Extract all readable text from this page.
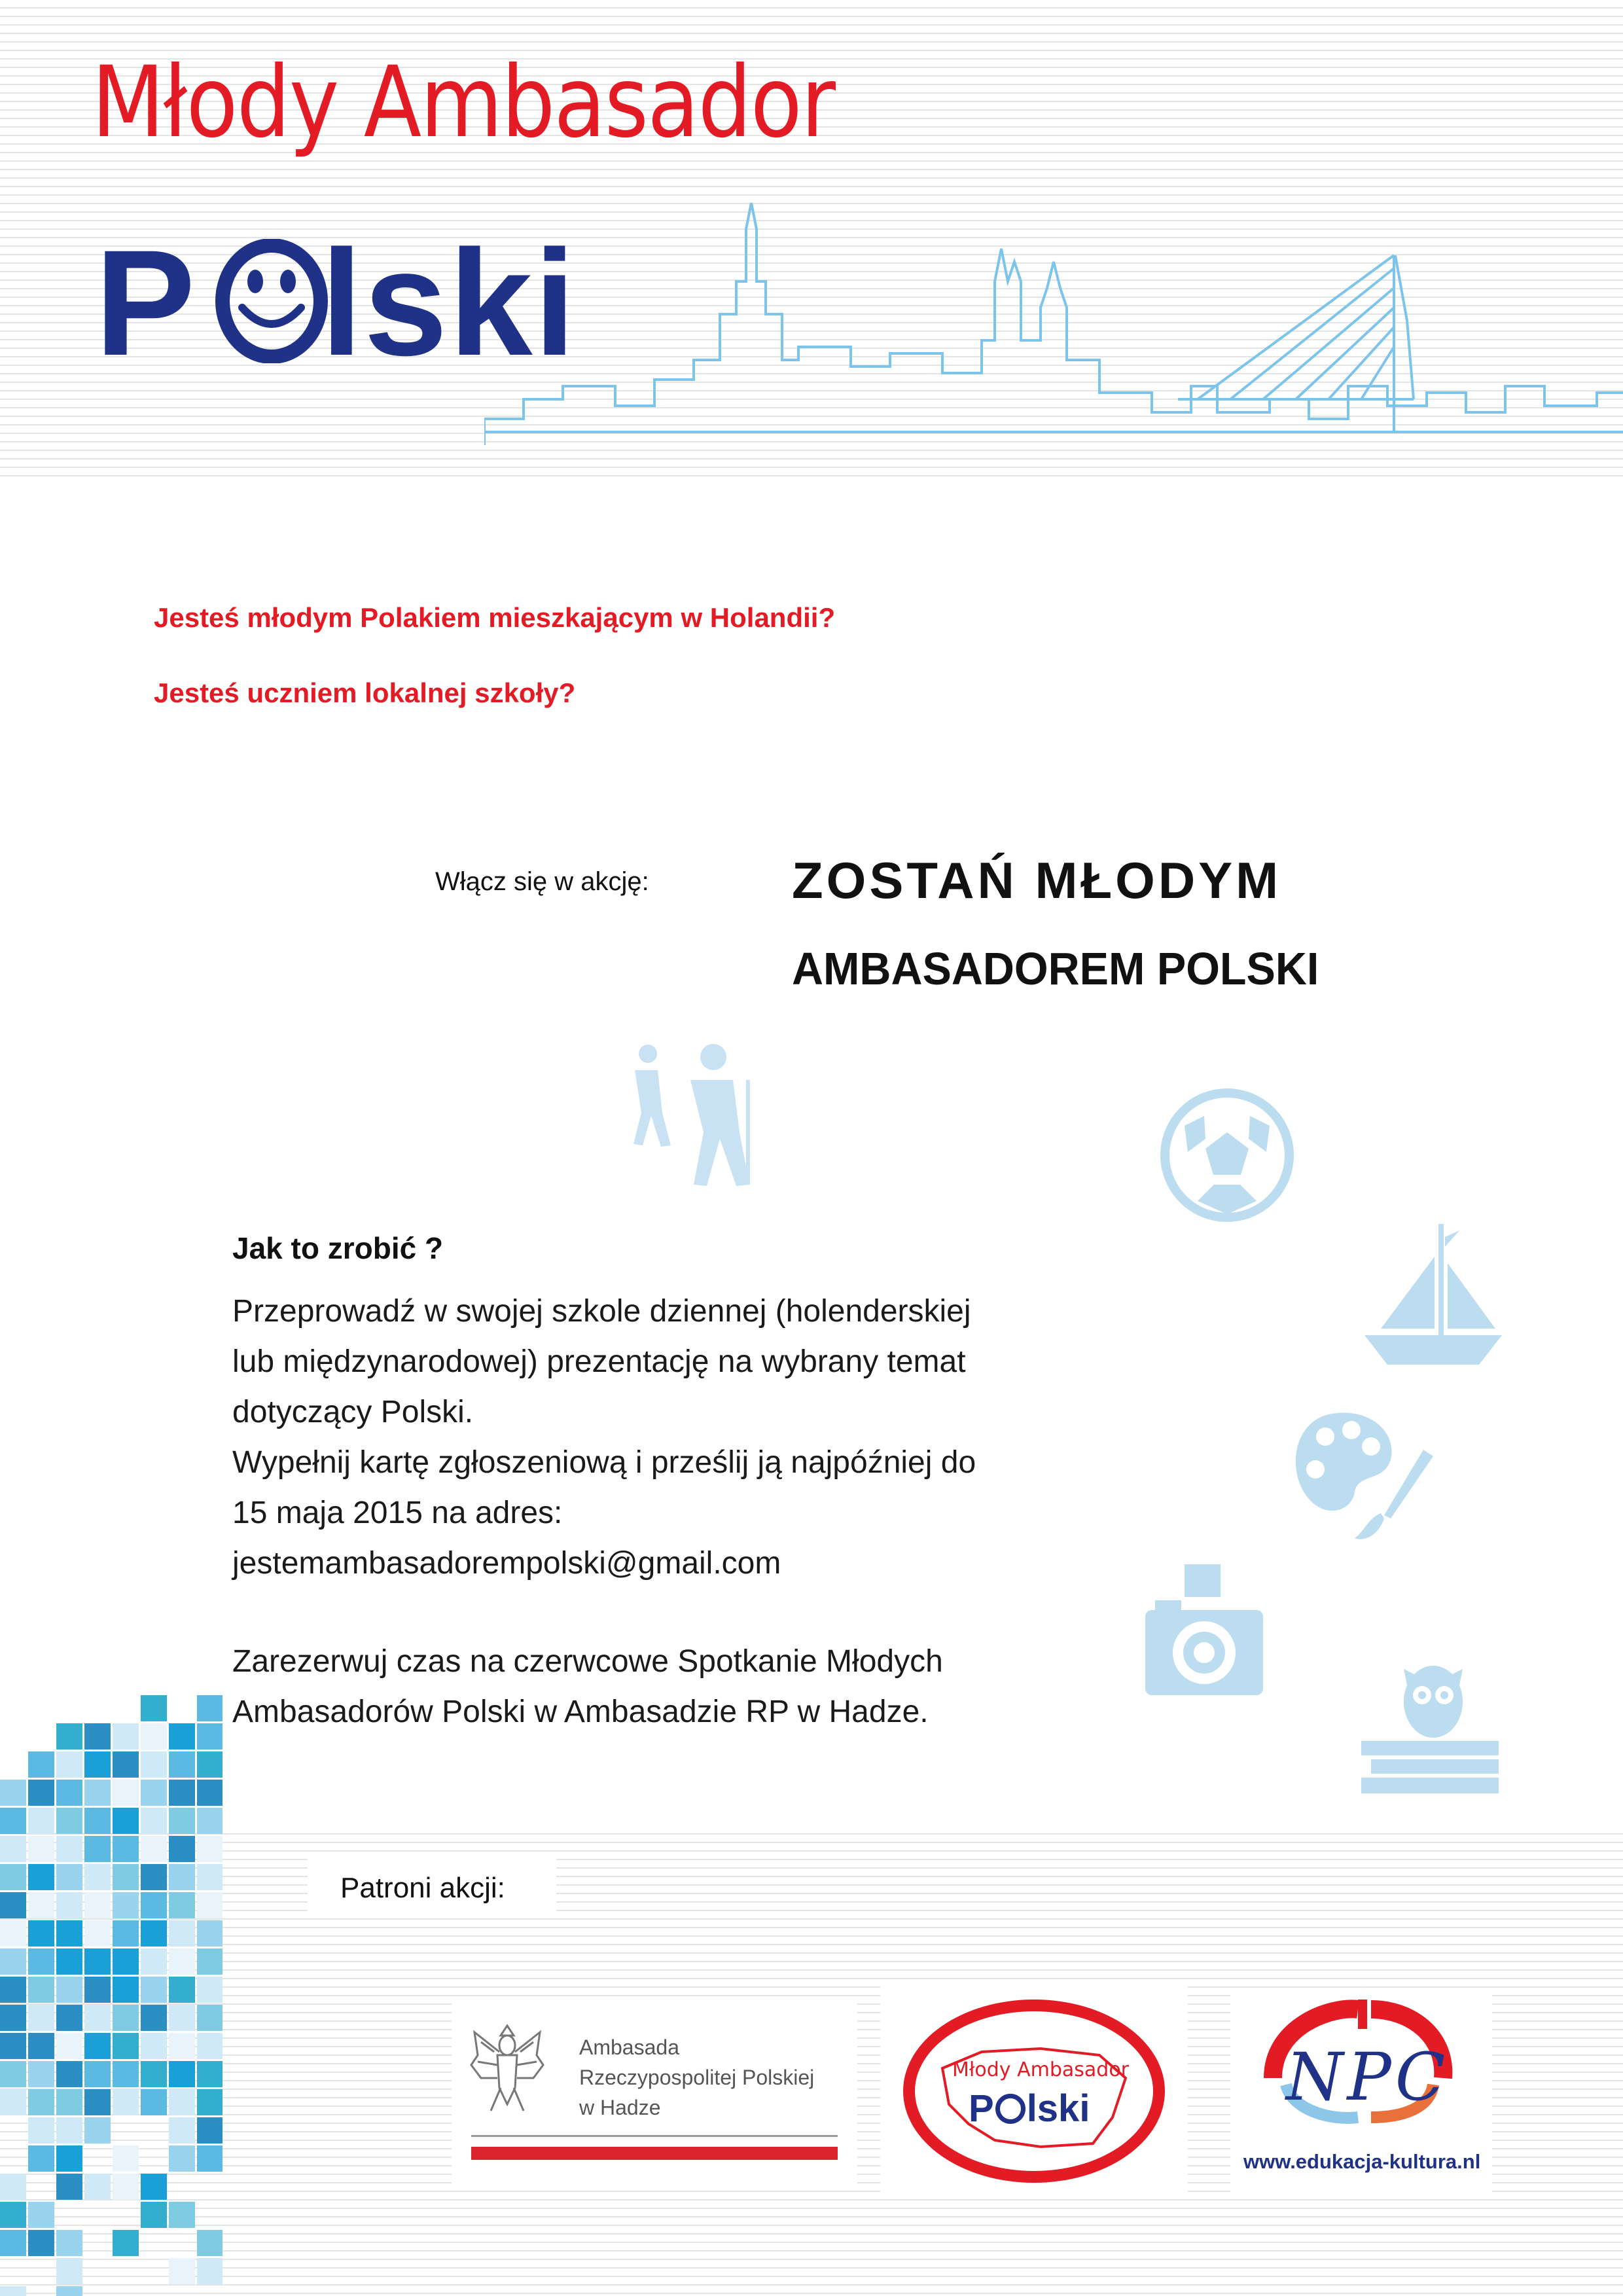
Młody Ambasador
P lski
Jesteś młodym Polakiem mieszkającym w Holandii?
Jesteś uczniem lokalnej szkoły?
Włącz się w akcję:	ZOSTAŃ MŁODYM
AMBASADOREM POLSKI
Jak to zrobić ?
Przeprowadź w swojej szkole dziennej (holenderskiej
lub międzynarodowej) prezentację na wybrany temat
dotyczący Polski.
Wypełnij kartę zgłoszeniową i prześlij ją najpóźniej do
15 maja 2015 na adres:
jestemambasadorempolski@gmail.com
Zarezerwuj czas na czerwcowe Spotkanie Młodych
Ambasadorów Polski w Ambasadzie RP w Hadze.
Patroni akcji:
Ambasada
Rzeczypospolitej Polskiej
w Hadze
Młody Ambasador
P lski	NPC
www.edukacja-kultura.nl
